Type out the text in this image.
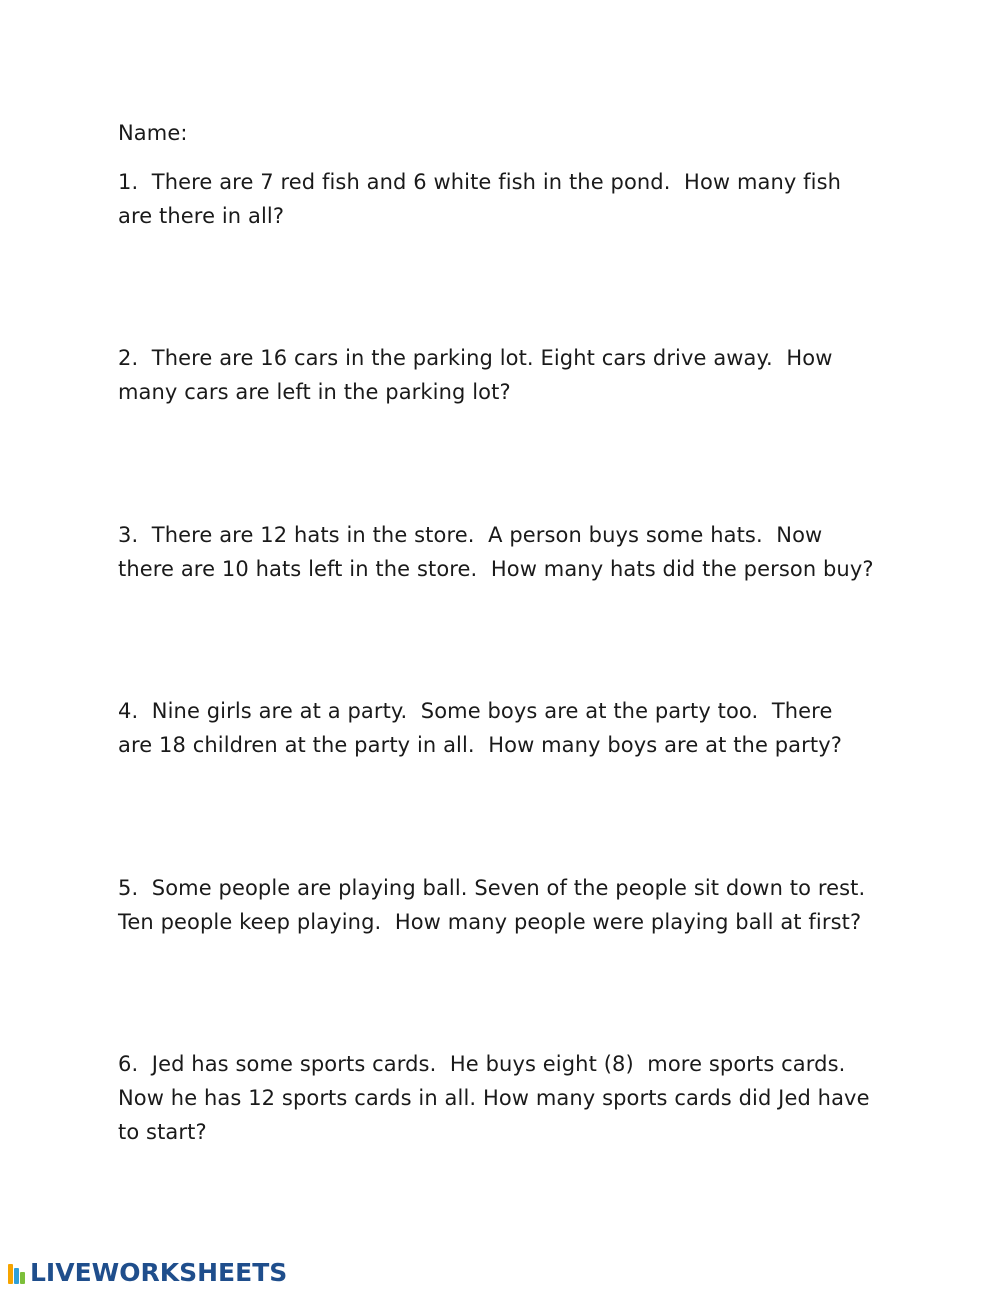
Name:

1.  There are 7 red fish and 6 white fish in the pond.  How many fish

are there in all?

2.  There are 16 cars in the parking lot. Eight cars drive away.  How

many cars are left in the parking lot?

3.  There are 12 hats in the store.  A person buys some hats.  Now

there are 10 hats left in the store.  How many hats did the person buy?

4.  Nine girls are at a party.  Some boys are at the party too.  There

are 18 children at the party in all.  How many boys are at the party?

5.  Some people are playing ball. Seven of the people sit down to rest.

Ten people keep playing.  How many people were playing ball at first?

6.  Jed has some sports cards.  He buys eight (8)  more sports cards.

Now he has 12 sports cards in all. How many sports cards did Jed have

to start?

LIVEWORKSHEETS
